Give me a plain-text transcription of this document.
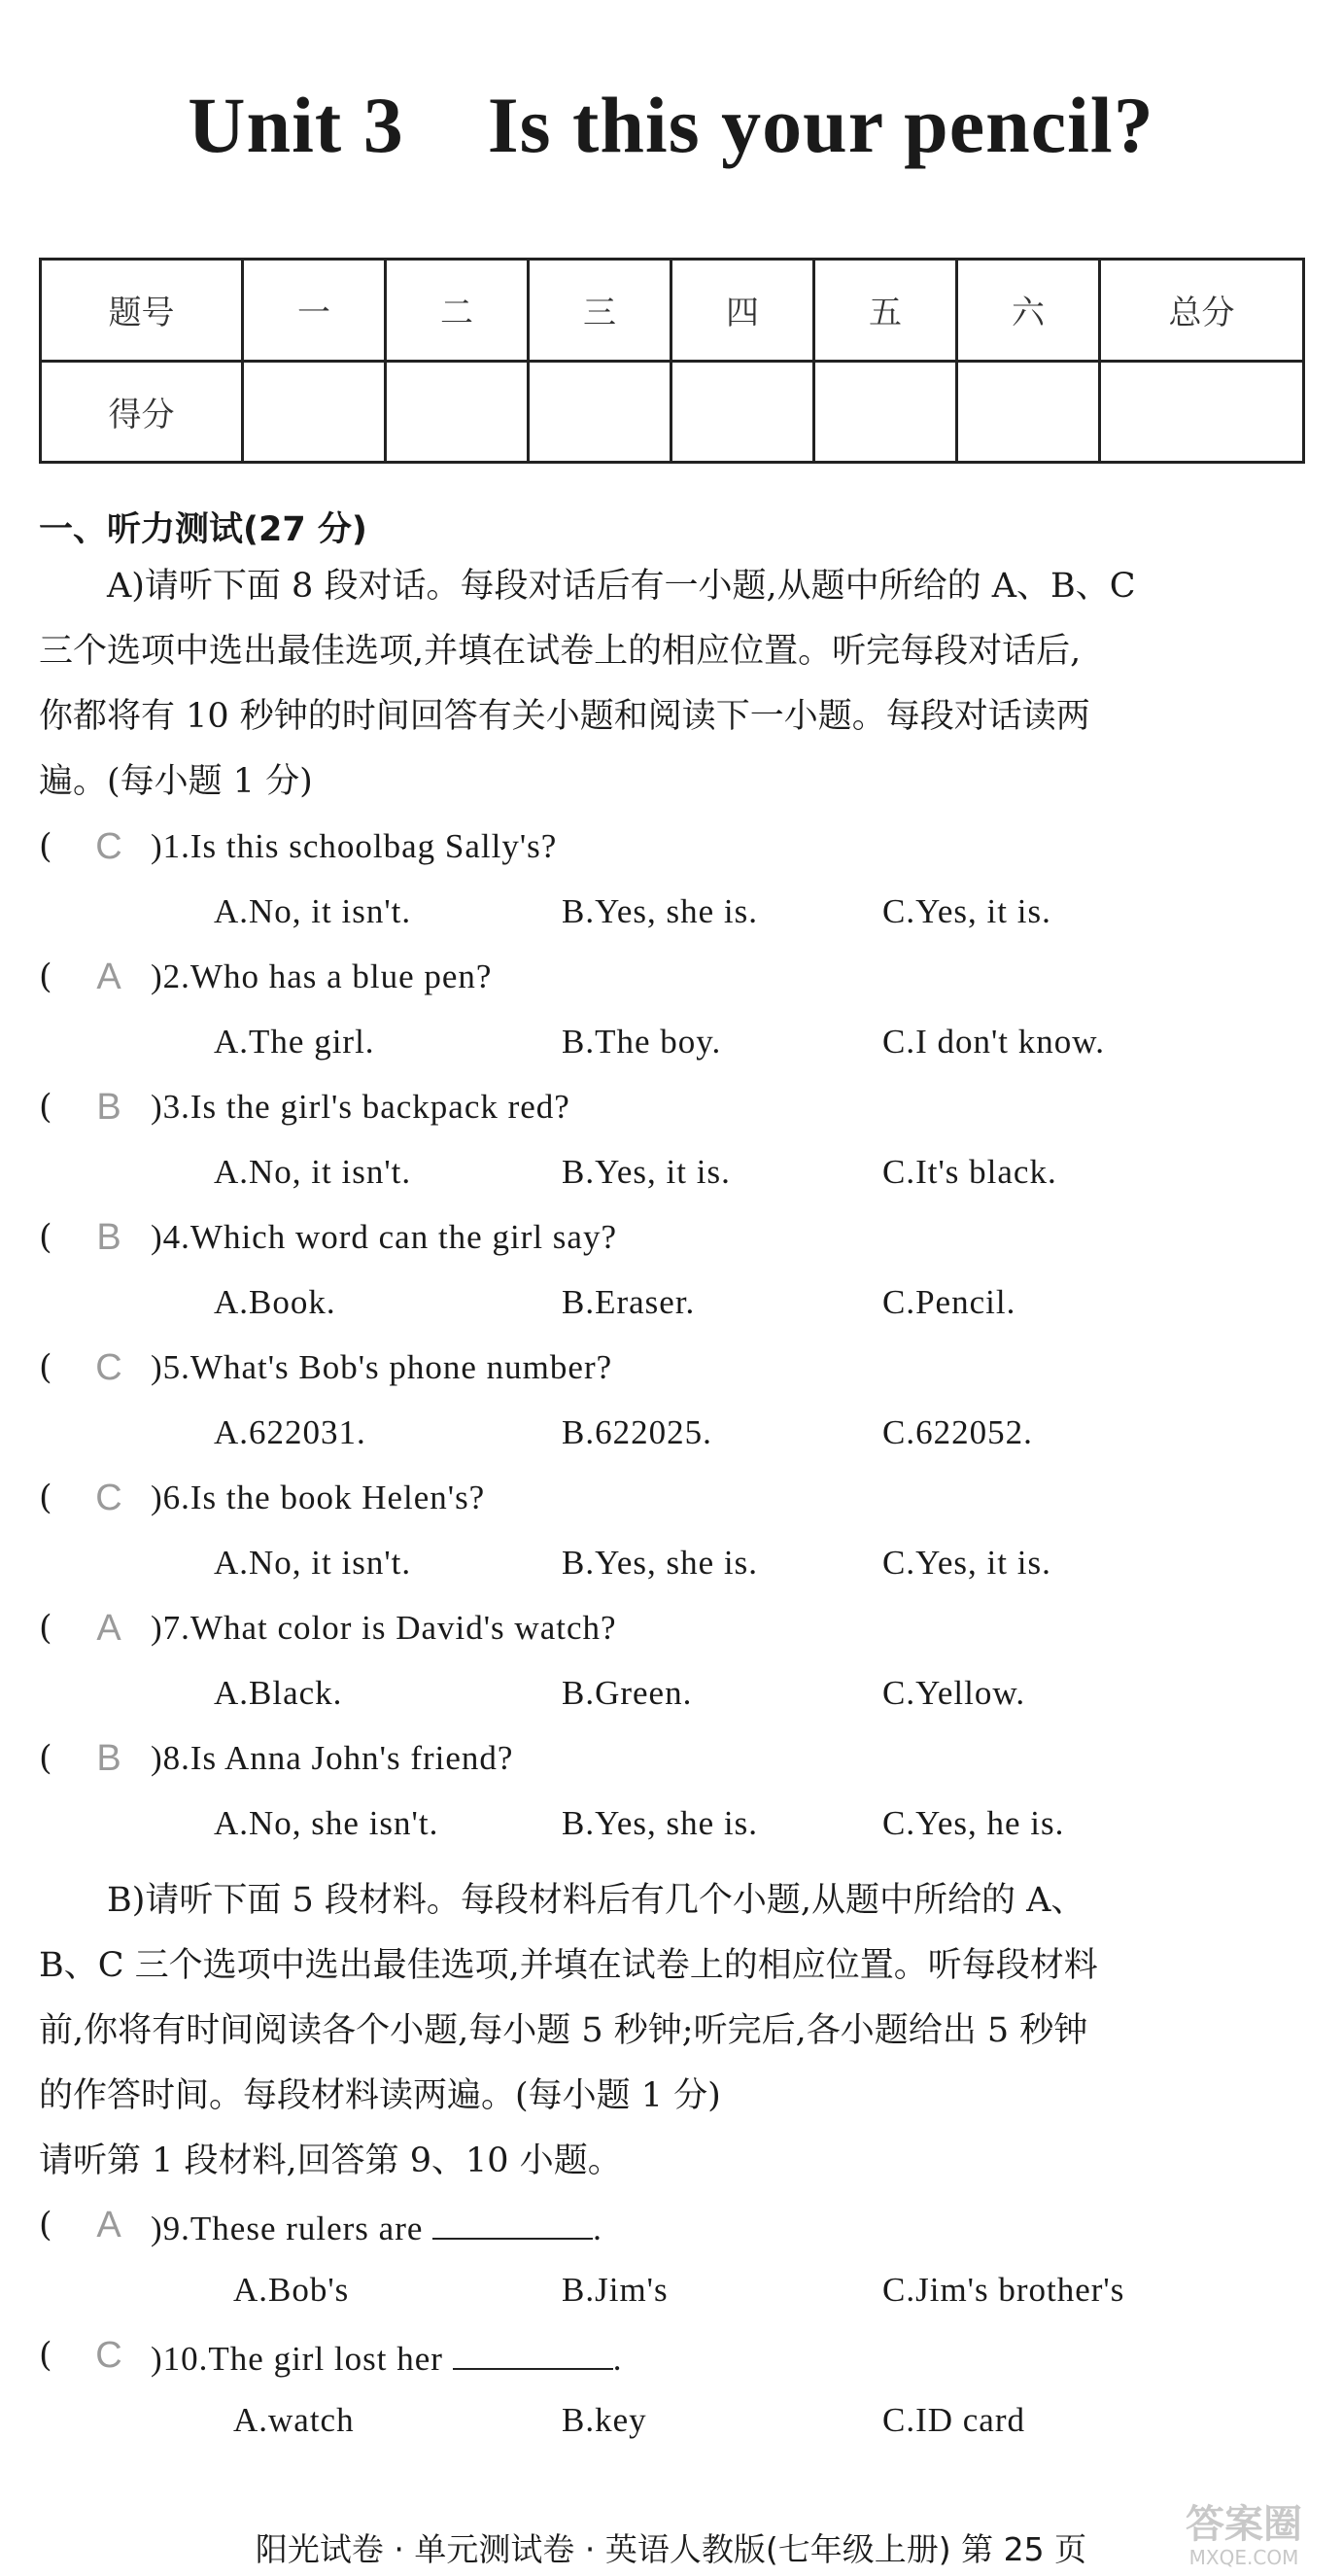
Unit 3    Is this your pencil?
题号	一	二	三	四	五	六	总分
得分							
一、听力测试(27 分)
A)请听下面 8 段对话。每段对话后有一小题,从题中所给的 A、B、C
三个选项中选出最佳选项,并填在试卷上的相应位置。听完每段对话后,
你都将有 10 秒钟的时间回答有关小题和阅读下一小题。每段对话读两
遍。(每小题 1 分)
(	C )1.Is this schoolbag Sally's?
A.No, it isn't.	B.Yes, she is.	C.Yes, it is.
(	A )2.Who has a blue pen?
A.The girl.	B.The boy.	C.I don't know.
(	B )3.Is the girl's backpack red?
A.No, it isn't.	B.Yes, it is.	C.It's black.
(	B )4.Which word can the girl say?
A.Book.	B.Eraser.	C.Pencil.
(	C )5.What's Bob's phone number?
A.622031.	B.622025.	C.622052.
(	C )6.Is the book Helen's?
A.No, it isn't.	B.Yes, she is.	C.Yes, it is.
(	A )7.What color is David's watch?
A.Black.	B.Green.	C.Yellow.
(	B )8.Is Anna John's friend?
A.No, she isn't.	B.Yes, she is.	C.Yes, he is.
B)请听下面 5 段材料。每段材料后有几个小题,从题中所给的 A、
B、C 三个选项中选出最佳选项,并填在试卷上的相应位置。听每段材料
前,你将有时间阅读各个小题,每小题 5 秒钟;听完后,各小题给出 5 秒钟
的作答时间。每段材料读两遍。(每小题 1 分)
请听第 1 段材料,回答第 9、10 小题。
(	A )9.These rulers are	.
A.Bob's	B.Jim's	C.Jim's brother's
(	C )10.The girl lost her	.
A.watch	B.key	C.ID card
阳光试卷 · 单元测试卷 · 英语人教版(七年级上册) 第 25 页
答案圈
MXQE.COM
